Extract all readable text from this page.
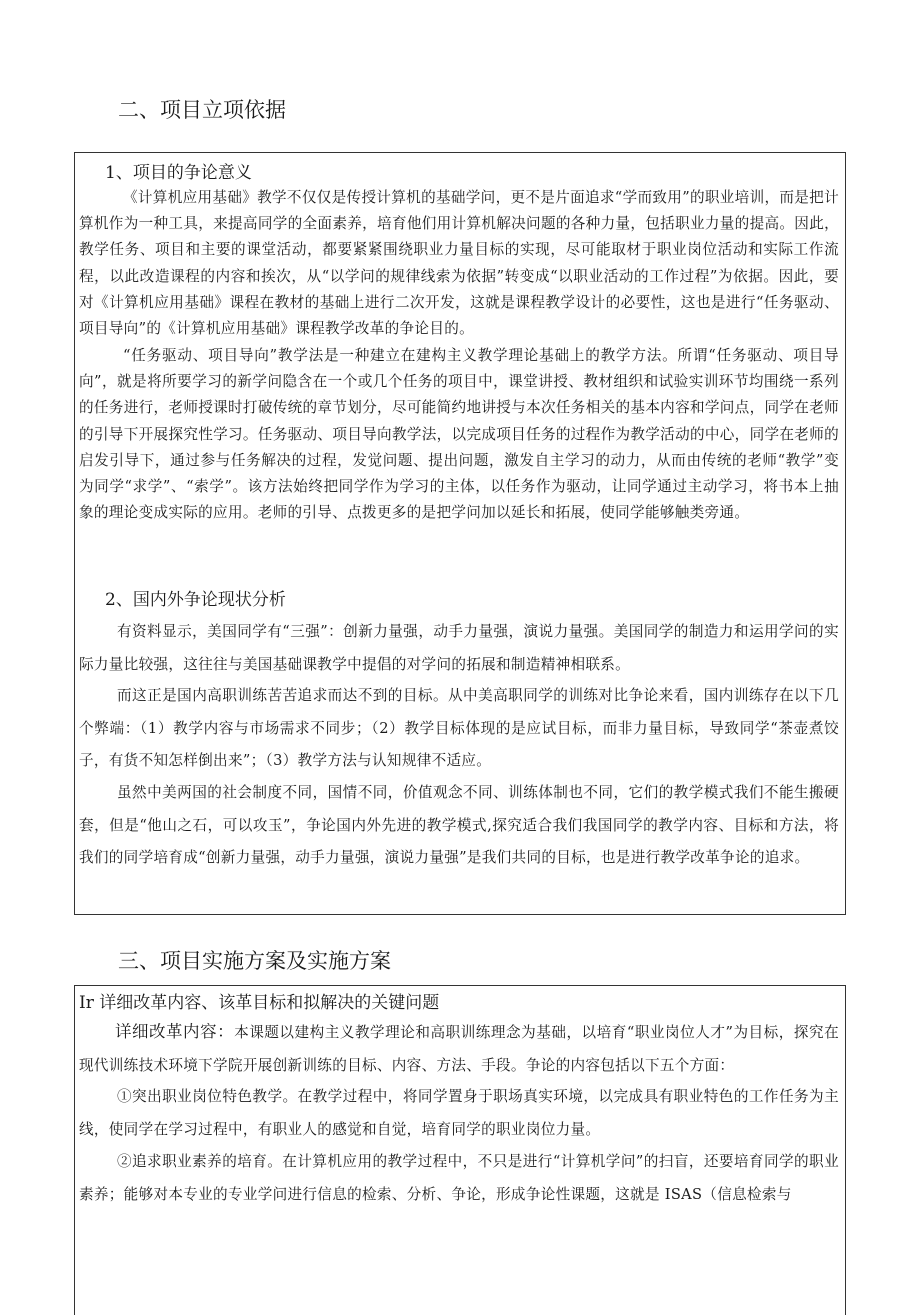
二、项目立项依据
1、项目的争论意义

《计算机应用基础》教学不仅仅是传授计算机的基础学问，更不是片面追求“学而致用”的职业培训，而是把计算机作为一种工具，来提高同学的全面素养，培育他们用计算机解决问题的各种力量，包括职业力量的提高。因此，教学任务、项目和主要的课堂活动，都要紧紧围绕职业力量目标的实现，尽可能取材于职业岗位活动和实际工作流程，以此改造课程的内容和挨次，从“以学问的规律线索为依据”转变成“以职业活动的工作过程”为依据。因此，要对《计算机应用基础》课程在教材的基础上进行二次开发，这就是课程教学设计的必要性，这也是进行“任务驱动、项目导向”的《计算机应用基础》课程教学改革的争论目的。

“任务驱动、项目导向”教学法是一种建立在建构主义教学理论基础上的教学方法。所谓“任务驱动、项目导向”，就是将所要学习的新学问隐含在一个或几个任务的项目中，课堂讲授、教材组织和试验实训环节均围绕一系列的任务进行，老师授课时打破传统的章节划分，尽可能简约地讲授与本次任务相关的基本内容和学问点，同学在老师的引导下开展探究性学习。任务驱动、项目导向教学法，以完成项目任务的过程作为教学活动的中心，同学在老师的启发引导下，通过参与任务解决的过程，发觉问题、提出问题，激发自主学习的动力，从而由传统的老师“教学”变为同学“求学”、“索学”。该方法始终把同学作为学习的主体，以任务作为驱动，让同学通过主动学习，将书本上抽象的理论变成实际的应用。老师的引导、点拨更多的是把学问加以延长和拓展，使同学能够触类旁通。

2、国内外争论现状分析

有资料显示，美国同学有“三强”：创新力量强，动手力量强，演说力量强。美国同学的制造力和运用学问的实际力量比较强，这往往与美国基础课教学中提倡的对学问的拓展和制造精神相联系。

而这正是国内高职训练苦苦追求而达不到的目标。从中美高职同学的训练对比争论来看，国内训练存在以下几个弊端：（1）教学内容与市场需求不同步；（2）教学目标体现的是应试目标，而非力量目标，导致同学“茶壶煮饺子，有货不知怎样倒出来”；（3）教学方法与认知规律不适应。

虽然中美两国的社会制度不同，国情不同，价值观念不同、训练体制也不同，它们的教学模式我们不能生搬硬套，但是“他山之石，可以攻玉”，争论国内外先进的教学模式,探究适合我们我国同学的教学内容、目标和方法，将我们的同学培育成“创新力量强，动手力量强，演说力量强”是我们共同的目标，也是进行教学改革争论的追求。

三、项目实施方案及实施方案
Ir 详细改革内容、该革目标和拟解决的关键问题

详细改革内容：本课题以建构主义教学理论和高职训练理念为基础，以培育“职业岗位人才”为目标，探究在现代训练技术环境下学院开展创新训练的目标、内容、方法、手段。争论的内容包括以下五个方面：

①突出职业岗位特色教学。在教学过程中，将同学置身于职场真实环境，以完成具有职业特色的工作任务为主线，使同学在学习过程中，有职业人的感觉和自觉，培育同学的职业岗位力量。

②追求职业素养的培育。在计算机应用的教学过程中，不只是进行“计算机学问”的扫盲，还要培育同学的职业素养；能够对本专业的专业学问进行信息的检索、分析、争论，形成争论性课题，这就是 ISAS（信息检索与
